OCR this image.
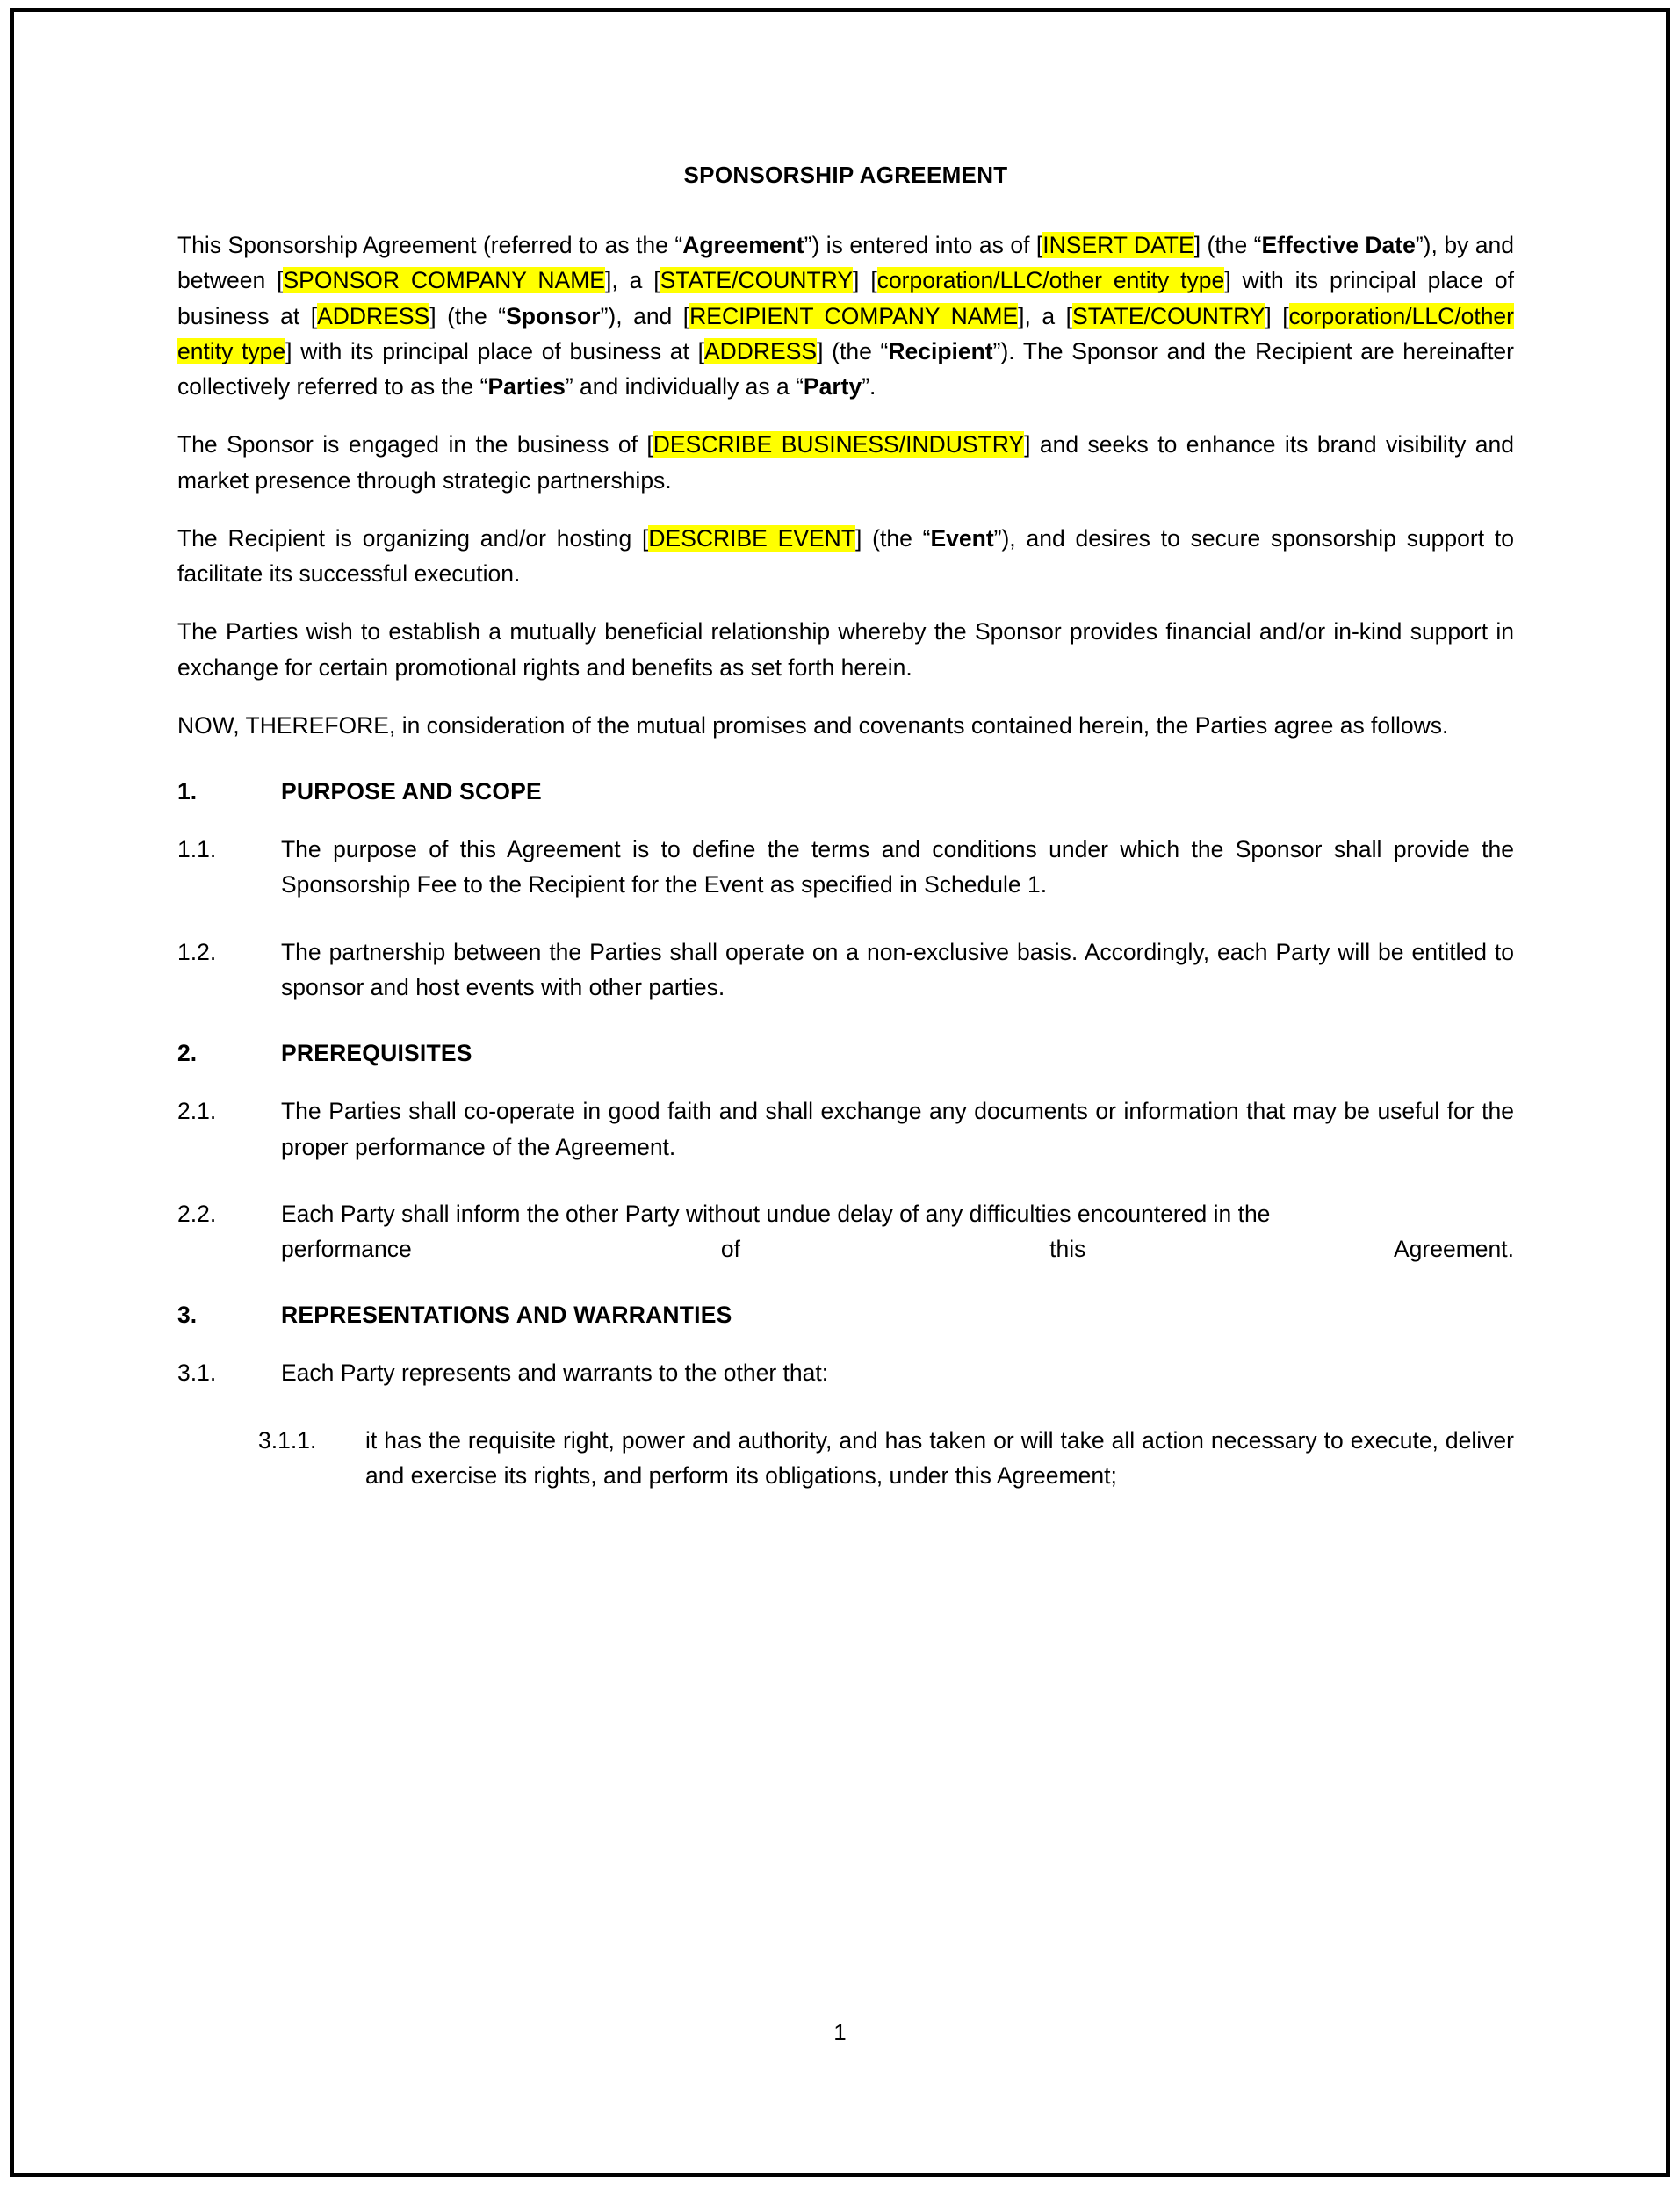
SPONSORSHIP AGREEMENT

This Sponsorship Agreement (referred to as the “Agreement”) is entered into as of [INSERT DATE] (the “Effective Date”), by and between [SPONSOR COMPANY NAME], a [STATE/COUNTRY] [corporation/LLC/other entity type] with its principal place of business at [ADDRESS] (the “Sponsor”), and [RECIPIENT COMPANY NAME], a [STATE/COUNTRY] [corporation/LLC/other entity type] with its principal place of business at [ADDRESS] (the “Recipient”). The Sponsor and the Recipient are hereinafter collectively referred to as the “Parties” and individually as a “Party”.

The Sponsor is engaged in the business of [DESCRIBE BUSINESS/INDUSTRY] and seeks to enhance its brand visibility and market presence through strategic partnerships.

The Recipient is organizing and/or hosting [DESCRIBE EVENT] (the “Event”), and desires to secure sponsorship support to facilitate its successful execution.

The Parties wish to establish a mutually beneficial relationship whereby the Sponsor provides financial and/or in-kind support in exchange for certain promotional rights and benefits as set forth herein.

NOW, THEREFORE, in consideration of the mutual promises and covenants contained herein, the Parties agree as follows.

1.	PURPOSE AND SCOPE
1.1.	The purpose of this Agreement is to define the terms and conditions under which the Sponsor shall provide the Sponsorship Fee to the Recipient for the Event as specified in Schedule 1.
1.2.	The partnership between the Parties shall operate on a non-exclusive basis. Accordingly, each Party will be entitled to sponsor and host events with other parties.
2.	PREREQUISITES
2.1.	The Parties shall co-operate in good faith and shall exchange any documents or information that may be useful for the proper performance of the Agreement.
2.2.	Each Party shall inform the other Party without undue delay of any difficulties encountered in the

performance of this Agreement.
3.	REPRESENTATIONS AND WARRANTIES
3.1.	Each Party represents and warrants to the other that:
3.1.1.	it has the requisite right, power and authority, and has taken or will take all action necessary to execute, deliver and exercise its rights, and perform its obligations, under this Agreement;
1
